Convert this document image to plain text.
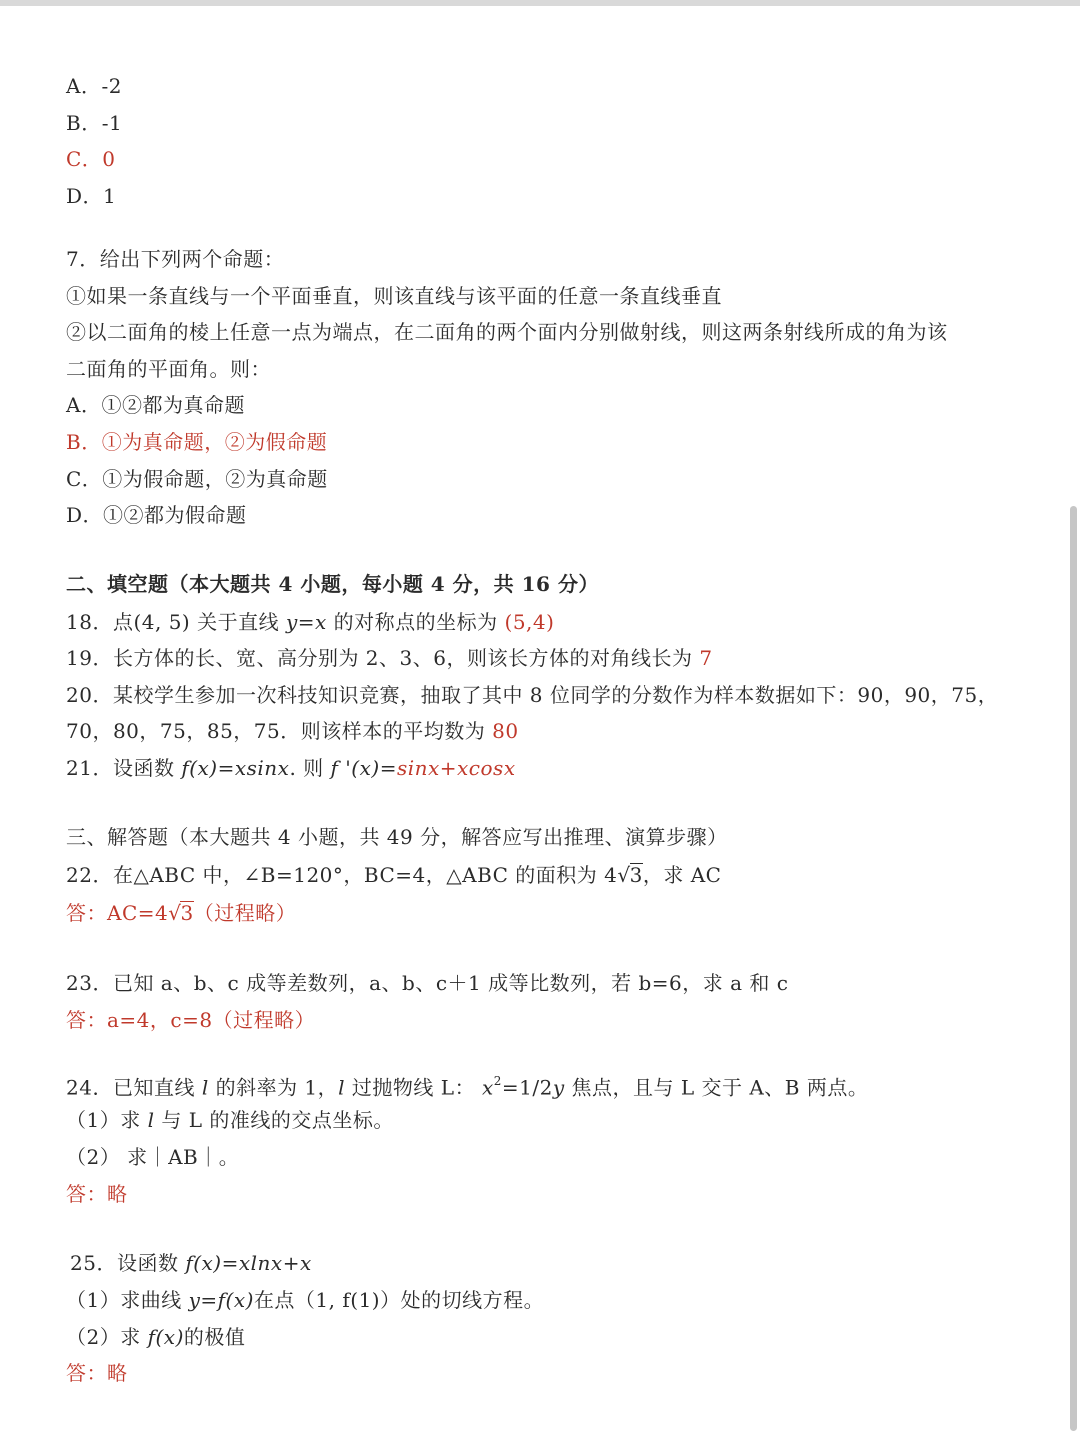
A．-2
B．-1
C．0
D．1
7．给出下列两个命题：
①如果一条直线与一个平面垂直，则该直线与该平面的任意一条直线垂直
②以二面角的棱上任意一点为端点，在二面角的两个面内分别做射线，则这两条射线所成的角为该
二面角的平面角。则：
A．①②都为真命题
B．①为真命题，②为假命题
C．①为假命题，②为真命题
D．①②都为假命题
二、填空题（本大题共 4 小题，每小题 4 分，共 16 分）
18．点(4, 5) 关于直线 y=x 的对称点的坐标为 (5,4)
19．长方体的长、宽、高分别为 2、3、6，则该长方体的对角线长为 7
20．某校学生参加一次科技知识竞赛，抽取了其中 8 位同学的分数作为样本数据如下：90，90，75，
70，80，75，85，75．则该样本的平均数为 80
21．设函数 f(x)=xsinx. 则 f '(x)=sinx+xcosx
三、解答题（本大题共 4 小题，共 49 分，解答应写出推理、演算步骤）
22．在△ABC 中，∠B=120°，BC=4，△ABC 的面积为 4√3，求 AC
答：AC=4√3（过程略）
23．已知 a、b、c 成等差数列，a、b、c＋1 成等比数列，若 b=6，求 a 和 c
答：a=4，c=8（过程略）
24．已知直线 l 的斜率为 1，l 过抛物线 L： $x^2=1/2y$ 焦点，且与 L 交于 A、B 两点。
（1）求 l 与 L 的准线的交点坐标。
（2） 求｜AB｜。
答：略
25．设函数 f(x)=xlnx+x
（1）求曲线 y=f(x)在点（1, f(1)）处的切线方程。
（2）求 f(x)的极值
答：略
